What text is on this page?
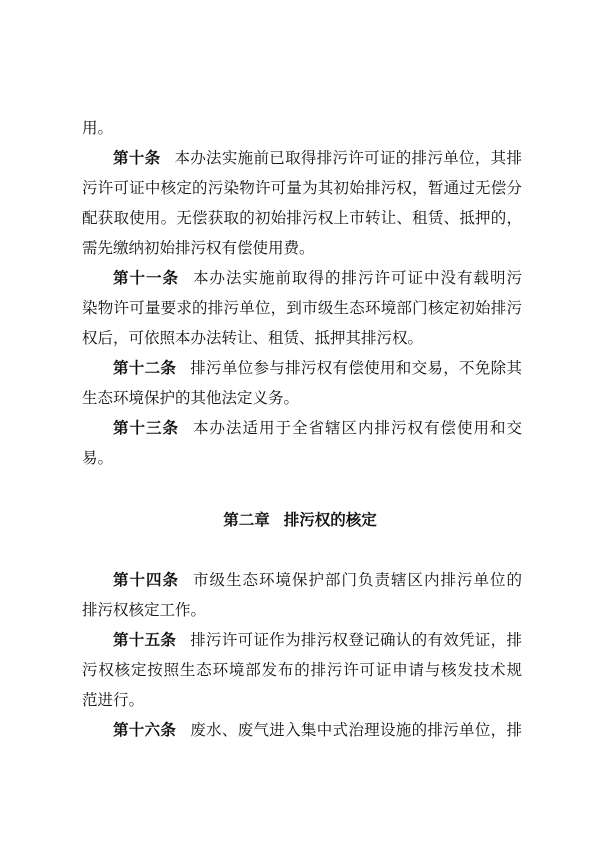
用。
第十条 本办法实施前已取得排污许可证的排污单位，其排
污许可证中核定的污染物许可量为其初始排污权，暂通过无偿分
配获取使用。无偿获取的初始排污权上市转让、租赁、抵押的，
需先缴纳初始排污权有偿使用费。
第十一条 本办法实施前取得的排污许可证中没有载明污
染物许可量要求的排污单位，到市级生态环境部门核定初始排污
权后，可依照本办法转让、租赁、抵押其排污权。
第十二条 排污单位参与排污权有偿使用和交易，不免除其
生态环境保护的其他法定义务。
第十三条 本办法适用于全省辖区内排污权有偿使用和交
易。
第二章 排污权的核定
第十四条 市级生态环境保护部门负责辖区内排污单位的
排污权核定工作。
第十五条 排污许可证作为排污权登记确认的有效凭证，排
污权核定按照生态环境部发布的排污许可证申请与核发技术规
范进行。
第十六条 废水、废气进入集中式治理设施的排污单位，排
